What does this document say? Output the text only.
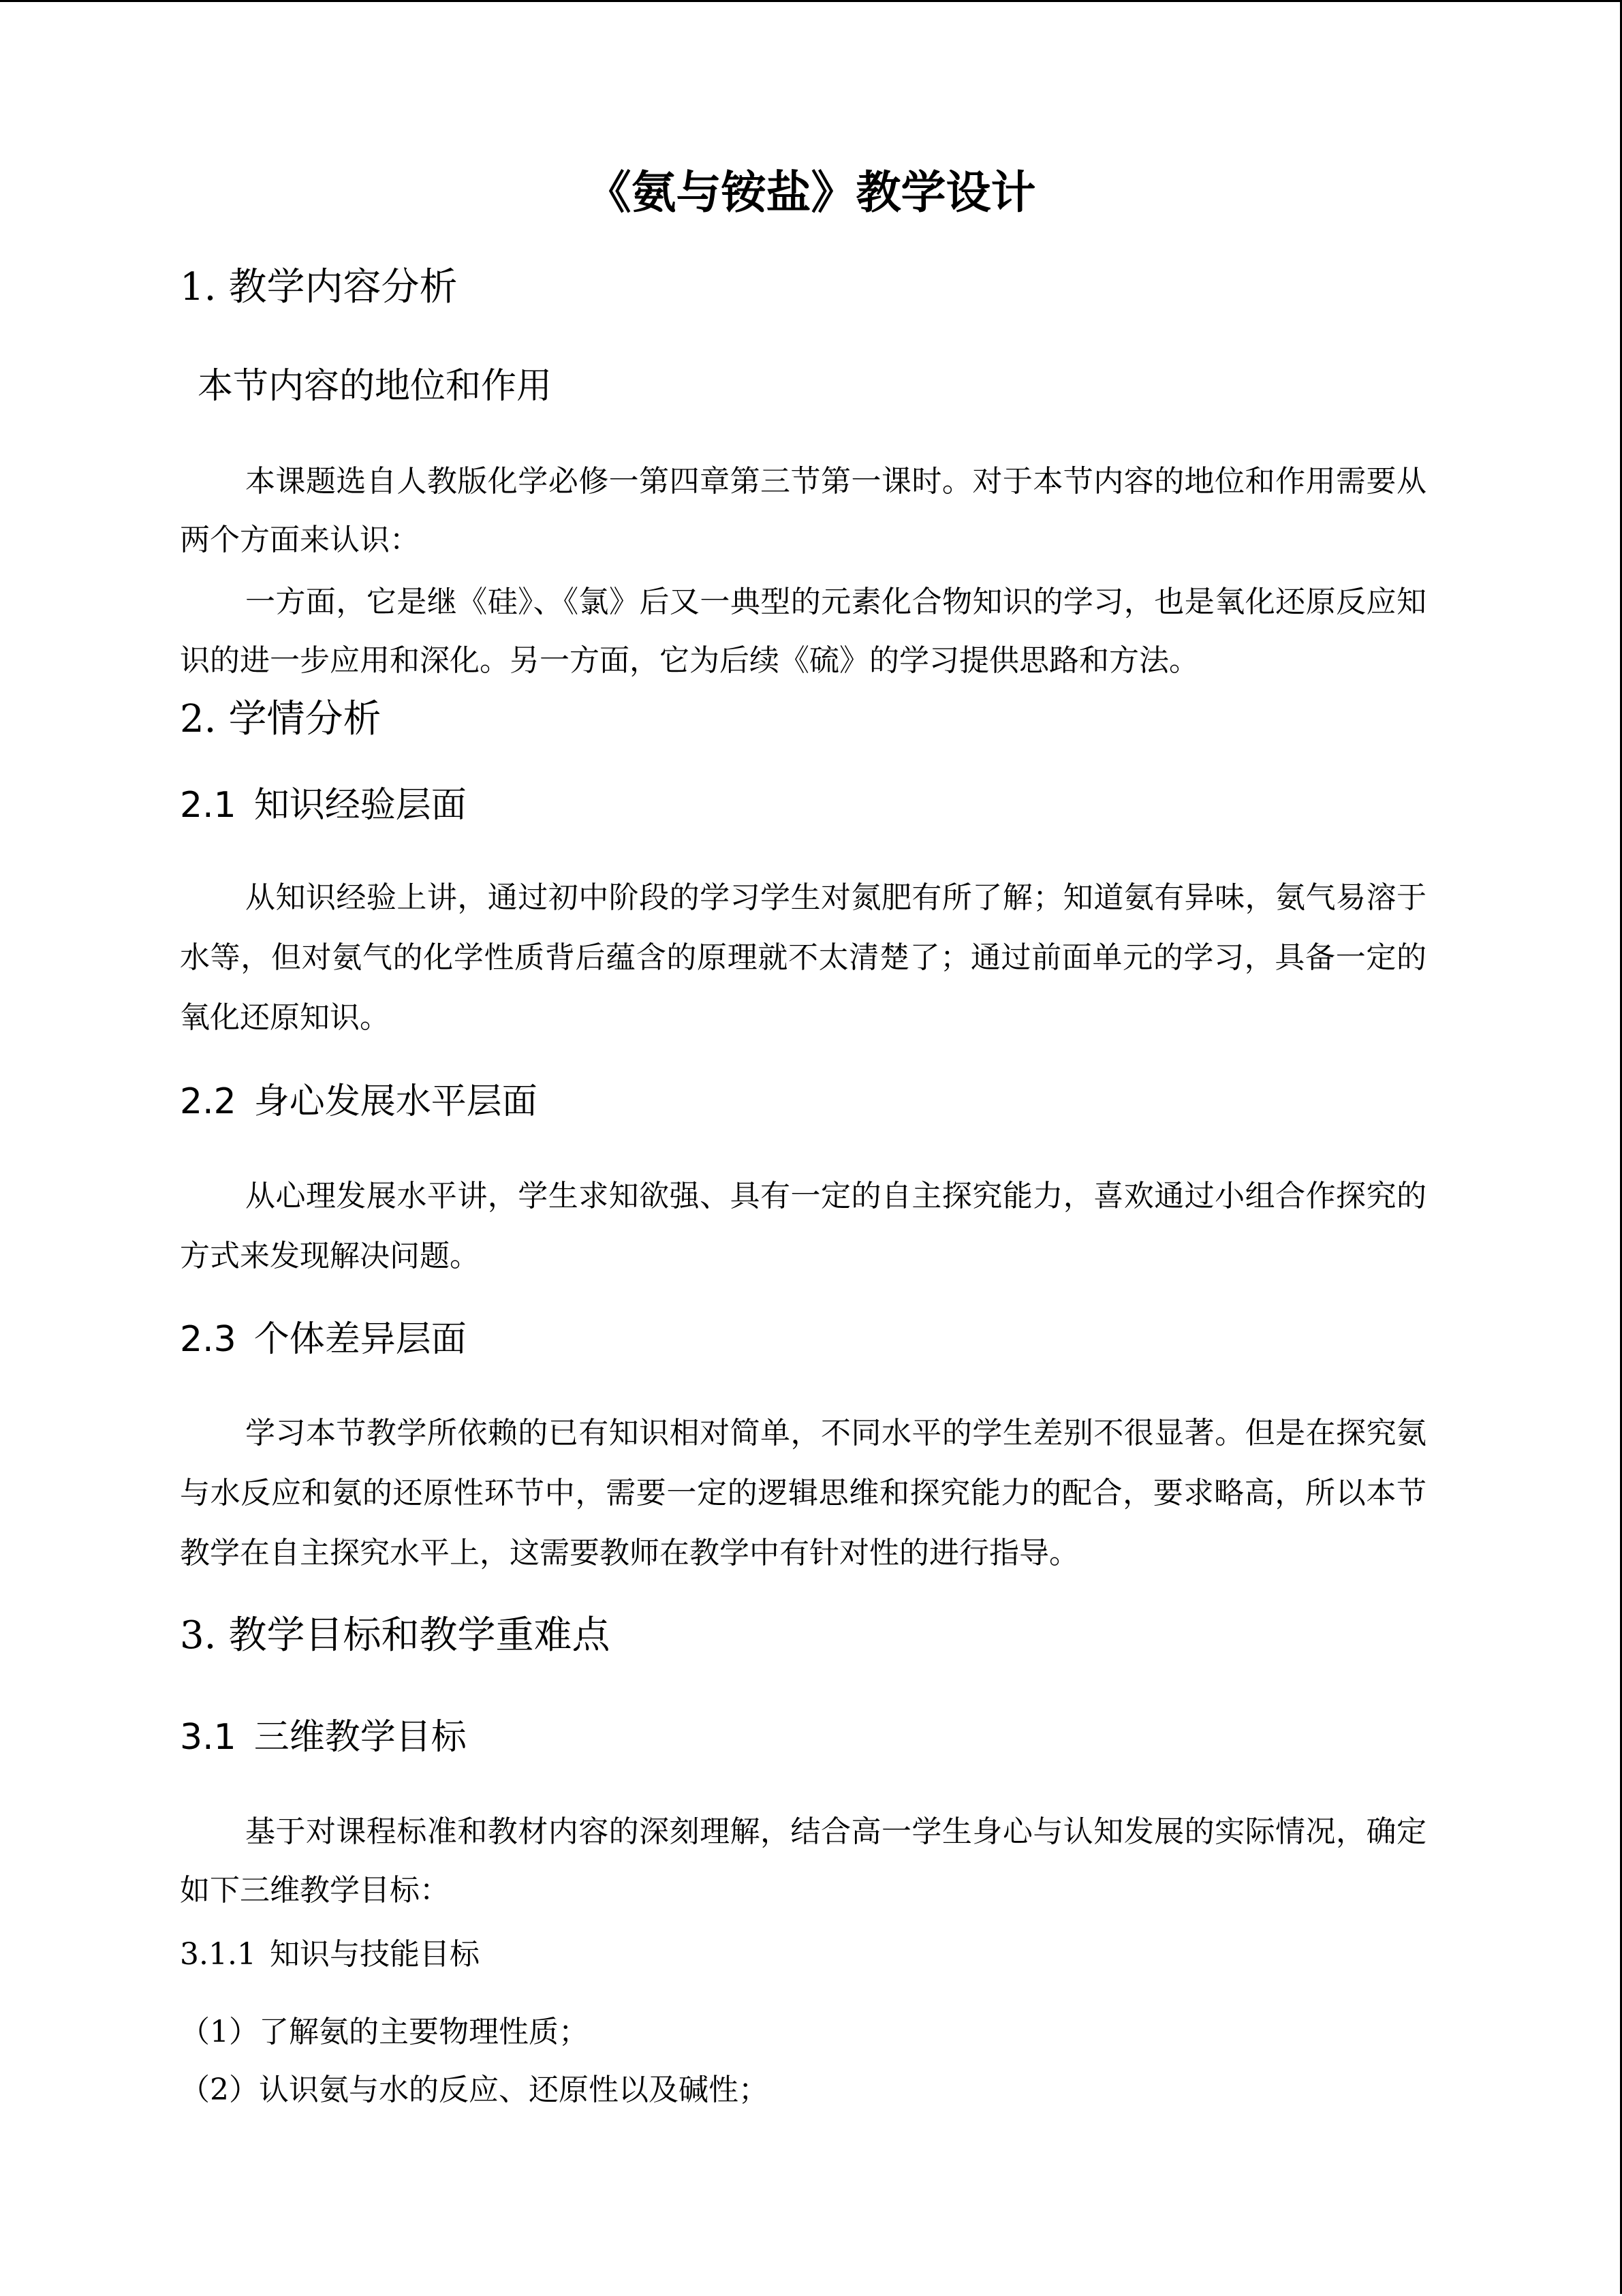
《氨与铵盐》教学设计
1. 教学内容分析
本节内容的地位和作用

本课题选自人教版化学必修一第四章第三节第一课时。对于本节内容的地位和作用需要从两个方面来认识：

一方面，它是继《硅》、《氯》后又一典型的元素化合物知识的学习，也是氧化还原反应知识的进一步应用和深化。另一方面，它为后续《硫》的学习提供思路和方法。

2. 学情分析
2.1 知识经验层面

从知识经验上讲，通过初中阶段的学习学生对氮肥有所了解；知道氨有异味，氨气易溶于水等，但对氨气的化学性质背后蕴含的原理就不太清楚了；通过前面单元的学习，具备一定的氧化还原知识。

2.2 身心发展水平层面

从心理发展水平讲，学生求知欲强、具有一定的自主探究能力，喜欢通过小组合作探究的方式来发现解决问题。

2.3 个体差异层面

学习本节教学所依赖的已有知识相对简单，不同水平的学生差别不很显著。但是在探究氨与水反应和氨的还原性环节中，需要一定的逻辑思维和探究能力的配合，要求略高，所以本节教学在自主探究水平上，这需要教师在教学中有针对性的进行指导。

3. 教学目标和教学重难点
3.1 三维教学目标

基于对课程标准和教材内容的深刻理解，结合高一学生身心与认知发展的实际情况，确定如下三维教学目标：

3.1.1 知识与技能目标
（1）了解氨的主要物理性质；
（2）认识氨与水的反应、还原性以及碱性；
